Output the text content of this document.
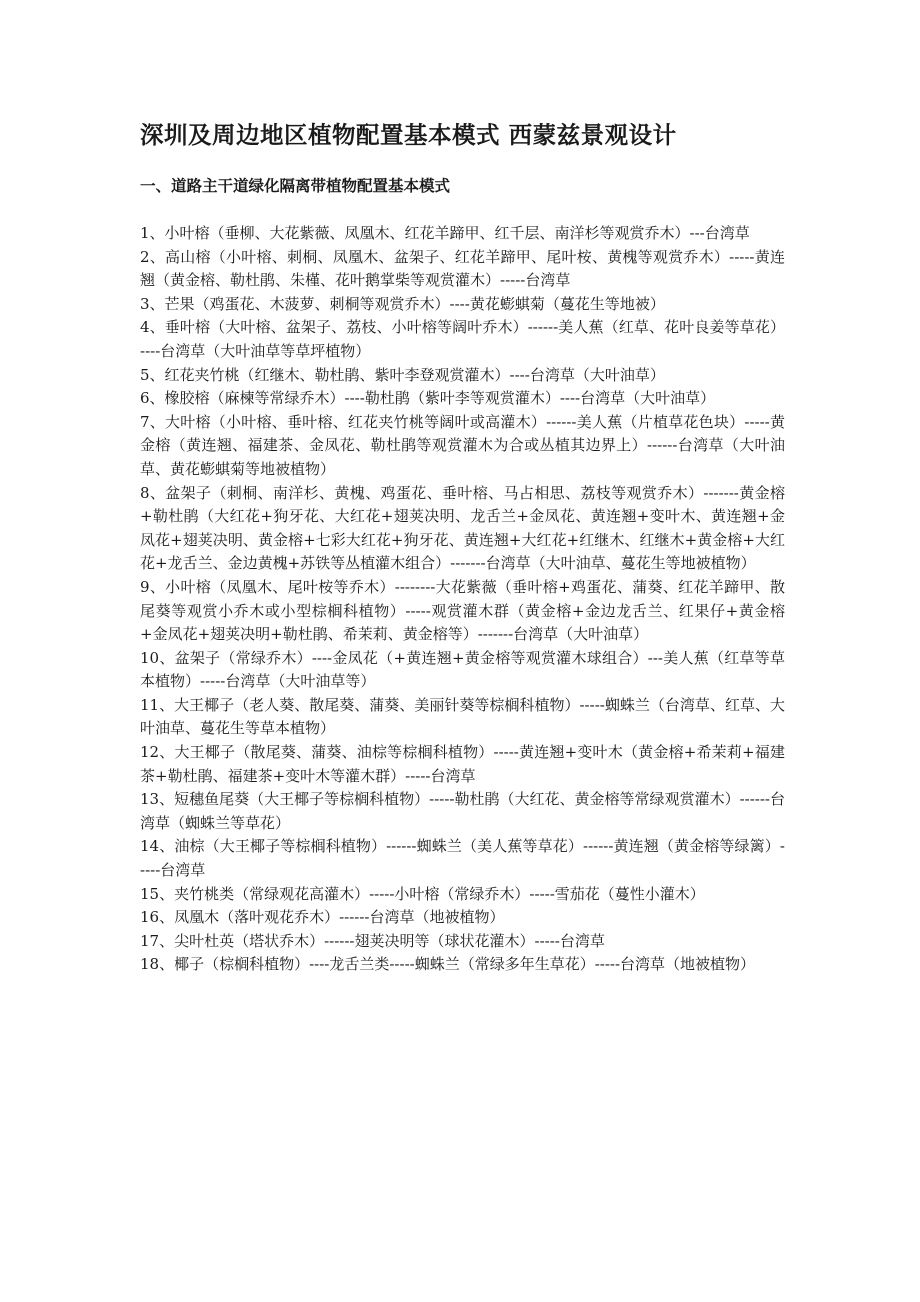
深圳及周边地区植物配置基本模式 西蒙兹景观设计
一、道路主干道绿化隔离带植物配置基本模式
1、小叶榕（垂柳、大花紫薇、凤凰木、红花羊蹄甲、红千层、南洋杉等观赏乔木）---台湾草
2、高山榕（小叶榕、刺桐、凤凰木、盆架子、红花羊蹄甲、尾叶桉、黄槐等观赏乔木）-----黄连翘（黄金榕、勒杜鹃、朱槿、花叶鹅掌柴等观赏灌木）-----台湾草
3、芒果（鸡蛋花、木菠萝、刺桐等观赏乔木）----黄花蟛蜞菊（蔓花生等地被）
4、垂叶榕（大叶榕、盆架子、荔枝、小叶榕等阔叶乔木）------美人蕉（红草、花叶良姜等草花）----台湾草（大叶油草等草坪植物）
5、红花夹竹桃（红继木、勒杜鹃、紫叶李登观赏灌木）----台湾草（大叶油草）
6、橡胶榕（麻楝等常绿乔木）----勒杜鹃（紫叶李等观赏灌木）----台湾草（大叶油草）
7、大叶榕（小叶榕、垂叶榕、红花夹竹桃等阔叶或高灌木）------美人蕉（片植草花色块）-----黄金榕（黄连翘、福建茶、金凤花、勒杜鹃等观赏灌木为合或丛植其边界上）------台湾草（大叶油草、黄花蟛蜞菊等地被植物）
8、盆架子（刺桐、南洋杉、黄槐、鸡蛋花、垂叶榕、马占相思、荔枝等观赏乔木）-------黄金榕+勒杜鹃（大红花+狗牙花、大红花+翅荚决明、龙舌兰+金凤花、黄连翘+变叶木、黄连翘+金凤花+翅荚决明、黄金榕+七彩大红花+狗牙花、黄连翘+大红花+红继木、红继木+黄金榕+大红花+龙舌兰、金边黄槐+苏铁等丛植灌木组合）-------台湾草（大叶油草、蔓花生等地被植物）
9、小叶榕（凤凰木、尾叶桉等乔木）--------大花紫薇（垂叶榕+鸡蛋花、蒲葵、红花羊蹄甲、散尾葵等观赏小乔木或小型棕榈科植物）-----观赏灌木群（黄金榕+金边龙舌兰、红果仔+黄金榕+金凤花+翅荚决明+勒杜鹃、希茉莉、黄金榕等）-------台湾草（大叶油草）
10、盆架子（常绿乔木）----金凤花（+黄连翘+黄金榕等观赏灌木球组合）---美人蕉（红草等草本植物）-----台湾草（大叶油草等）
11、大王椰子（老人葵、散尾葵、蒲葵、美丽针葵等棕榈科植物）-----蜘蛛兰（台湾草、红草、大叶油草、蔓花生等草本植物）
12、大王椰子（散尾葵、蒲葵、油棕等棕榈科植物）-----黄连翘+变叶木（黄金榕+希茉莉+福建茶+勒杜鹃、福建茶+变叶木等灌木群）-----台湾草
13、短穗鱼尾葵（大王椰子等棕榈科植物）-----勒杜鹃（大红花、黄金榕等常绿观赏灌木）------台湾草（蜘蛛兰等草花）
14、油棕（大王椰子等棕榈科植物）------蜘蛛兰（美人蕉等草花）------黄连翘（黄金榕等绿篱）-----台湾草
15、夹竹桃类（常绿观花高灌木）-----小叶榕（常绿乔木）-----雪茄花（蔓性小灌木）
16、凤凰木（落叶观花乔木）------台湾草（地被植物）
17、尖叶杜英（塔状乔木）------翅荚决明等（球状花灌木）-----台湾草
18、椰子（棕榈科植物）----龙舌兰类-----蜘蛛兰（常绿多年生草花）-----台湾草（地被植物）
